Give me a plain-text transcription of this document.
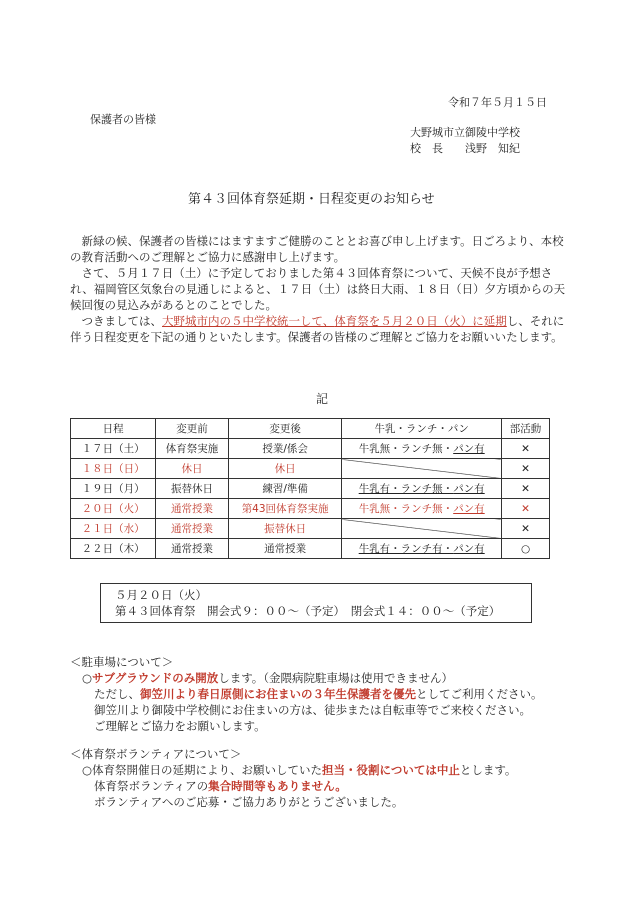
令和７年５月１５日
保護者の皆様
大野城市立御陵中学校
校　長　　浅野　知紀
第４３回体育祭延期・日程変更のお知らせ

新緑の候、保護者の皆様にはますますご健勝のこととお喜び申し上げます。日ごろより、本校の教育活動へのご理解とご協力に感謝申し上げます。

さて、５月１７日（土）に予定しておりました第４３回体育祭について、天候不良が予想され、福岡管区気象台の見通しによると、１７日（土）は終日大雨、１８日（日）夕方頃からの天候回復の見込みがあるとのことでした。

つきましては、大野城市内の５中学校統一して、体育祭を５月２０日（火）に延期し、それに伴う日程変更を下記の通りといたします。保護者の皆様のご理解とご協力をお願いいたします。

記
日程	変更前	変更後	牛乳・ランチ・パン	部活動
１７日（土）	体育祭実施	授業/係会	牛乳無・ランチ無・パン有	✕
１８日（日）	休日	休日		✕
１９日（月）	振替休日	練習/準備	牛乳有・ランチ無・パン有	✕
２０日（火）	通常授業	第43回体育祭実施	牛乳無・ランチ無・パン有	✕
２１日（水）	通常授業	振替休日		✕
２２日（木）	通常授業	通常授業	牛乳有・ランチ有・パン有	○
５月２０日（火）
第４３回体育祭　開会式９：００～（予定）　閉会式１４：００～（予定）
＜駐車場について＞
○サブグラウンドのみ開放します。（金隈病院駐車場は使用できません）
ただし、御笠川より春日原側にお住まいの３年生保護者を優先としてご利用ください。
御笠川より御陵中学校側にお住まいの方は、徒歩または自転車等でご来校ください。
ご理解とご協力をお願いします。
＜体育祭ボランティアについて＞
○体育祭開催日の延期により、お願いしていた担当・役割については中止とします。
体育祭ボランティアの集合時間等もありません。
ボランティアへのご応募・ご協力ありがとうございました。
